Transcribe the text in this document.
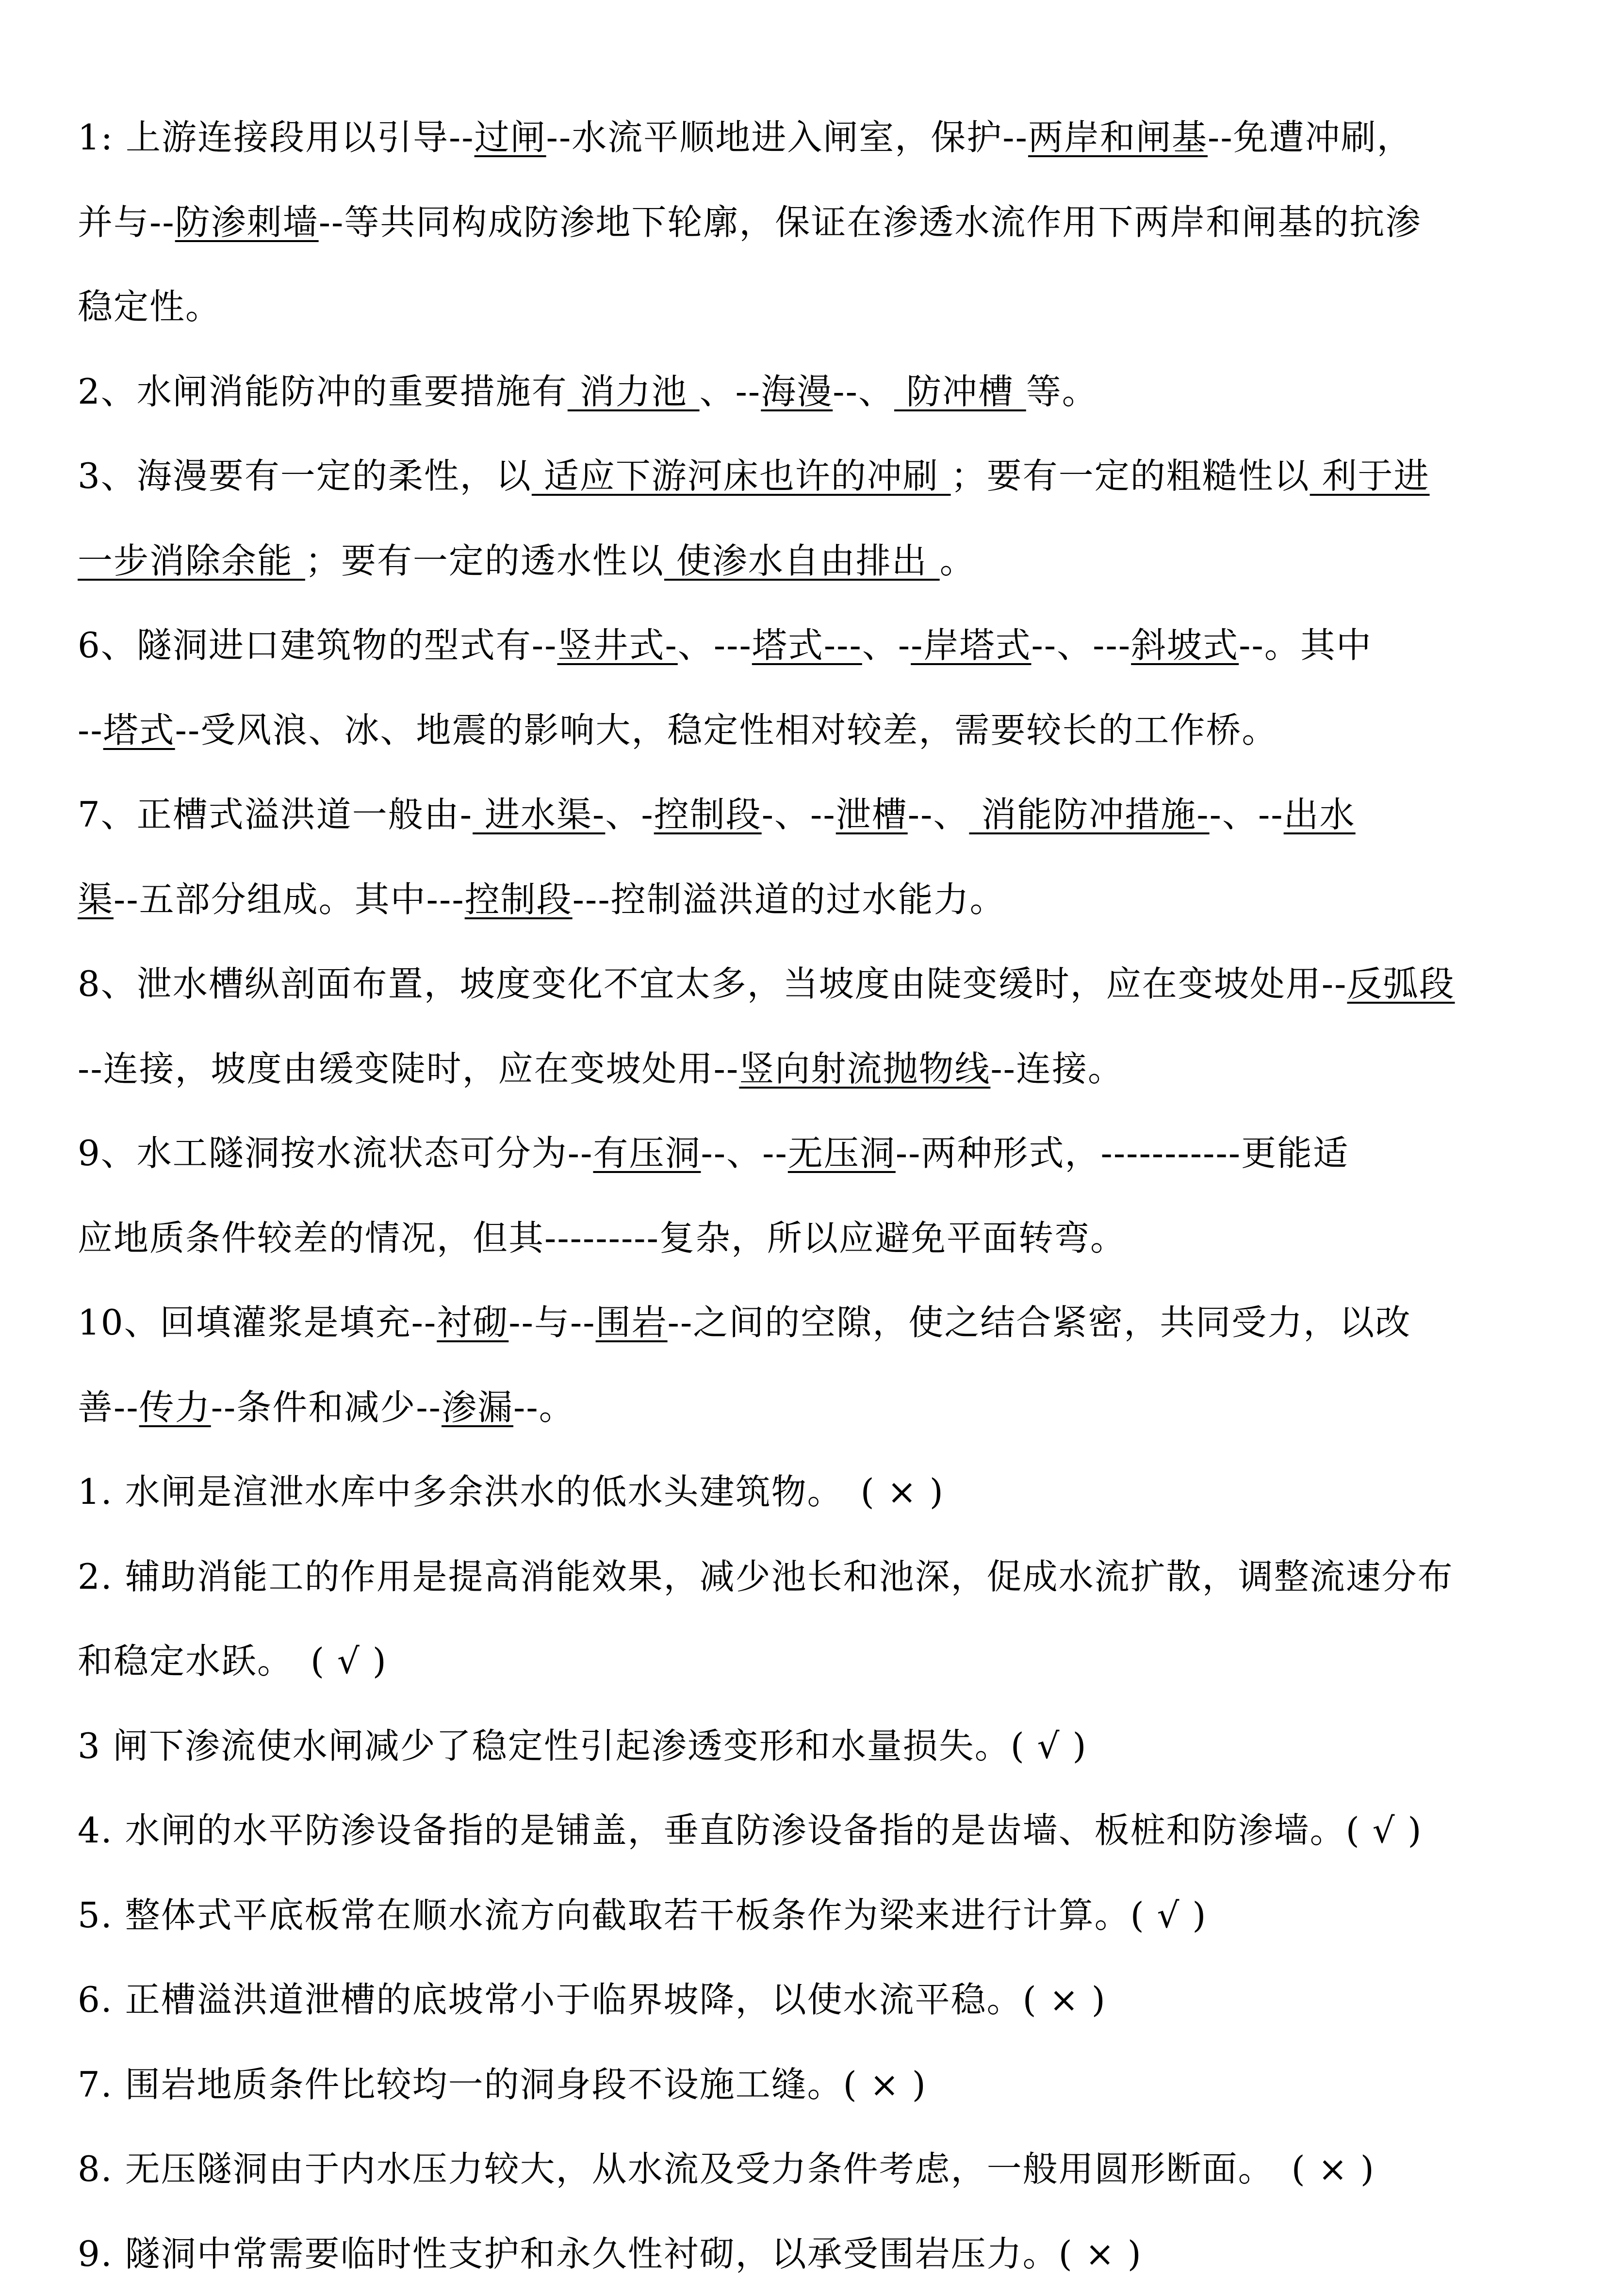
1: 上游连接段用以引导--过闸--水流平顺地进入闸室，保护--两岸和闸基--免遭冲刷，
并与--防渗刺墙--等共同构成防渗地下轮廓，保证在渗透水流作用下两岸和闸基的抗渗
稳定性。
2、水闸消能防冲的重要措施有 消力池 、--海漫--、 防冲槽 等。
3、海漫要有一定的柔性，以 适应下游河床也许的冲刷 ；要有一定的粗糙性以 利于进
一步消除余能 ；要有一定的透水性以 使渗水自由排出 。
6、隧洞进口建筑物的型式有--竖井式-、---塔式---、--岸塔式--、---斜坡式--。其中
--塔式--受风浪、冰、地震的影响大，稳定性相对较差，需要较长的工作桥。
7、正槽式溢洪道一般由- 进水渠-、-控制段-、--泄槽--、 消能防冲措施--、--出水
渠--五部分组成。其中---控制段---控制溢洪道的过水能力。
8、泄水槽纵剖面布置，坡度变化不宜太多，当坡度由陡变缓时，应在变坡处用--反弧段
--连接，坡度由缓变陡时，应在变坡处用--竖向射流抛物线--连接。
9、水工隧洞按水流状态可分为--有压洞--、--无压洞--两种形式，-----------更能适
应地质条件较差的情况，但其---------复杂，所以应避免平面转弯。
10、回填灌浆是填充--衬砌--与--围岩--之间的空隙，使之结合紧密，共同受力，以改
善--传力--条件和减少--渗漏--。
1. 水闸是渲泄水库中多余洪水的低水头建筑物。( × )
2. 辅助消能工的作用是提高消能效果，减少池长和池深，促成水流扩散，调整流速分布
和稳定水跃。( √ )
3 闸下渗流使水闸减少了稳定性引起渗透变形和水量损失。( √ )
4. 水闸的水平防渗设备指的是铺盖，垂直防渗设备指的是齿墙、板桩和防渗墙。( √ )
5. 整体式平底板常在顺水流方向截取若干板条作为梁来进行计算。( √ )
6. 正槽溢洪道泄槽的底坡常小于临界坡降，以使水流平稳。( × )
7. 围岩地质条件比较均一的洞身段不设施工缝。( × )
8. 无压隧洞由于内水压力较大，从水流及受力条件考虑，一般用圆形断面。( × )
9. 隧洞中常需要临时性支护和永久性衬砌，以承受围岩压力。( × )
